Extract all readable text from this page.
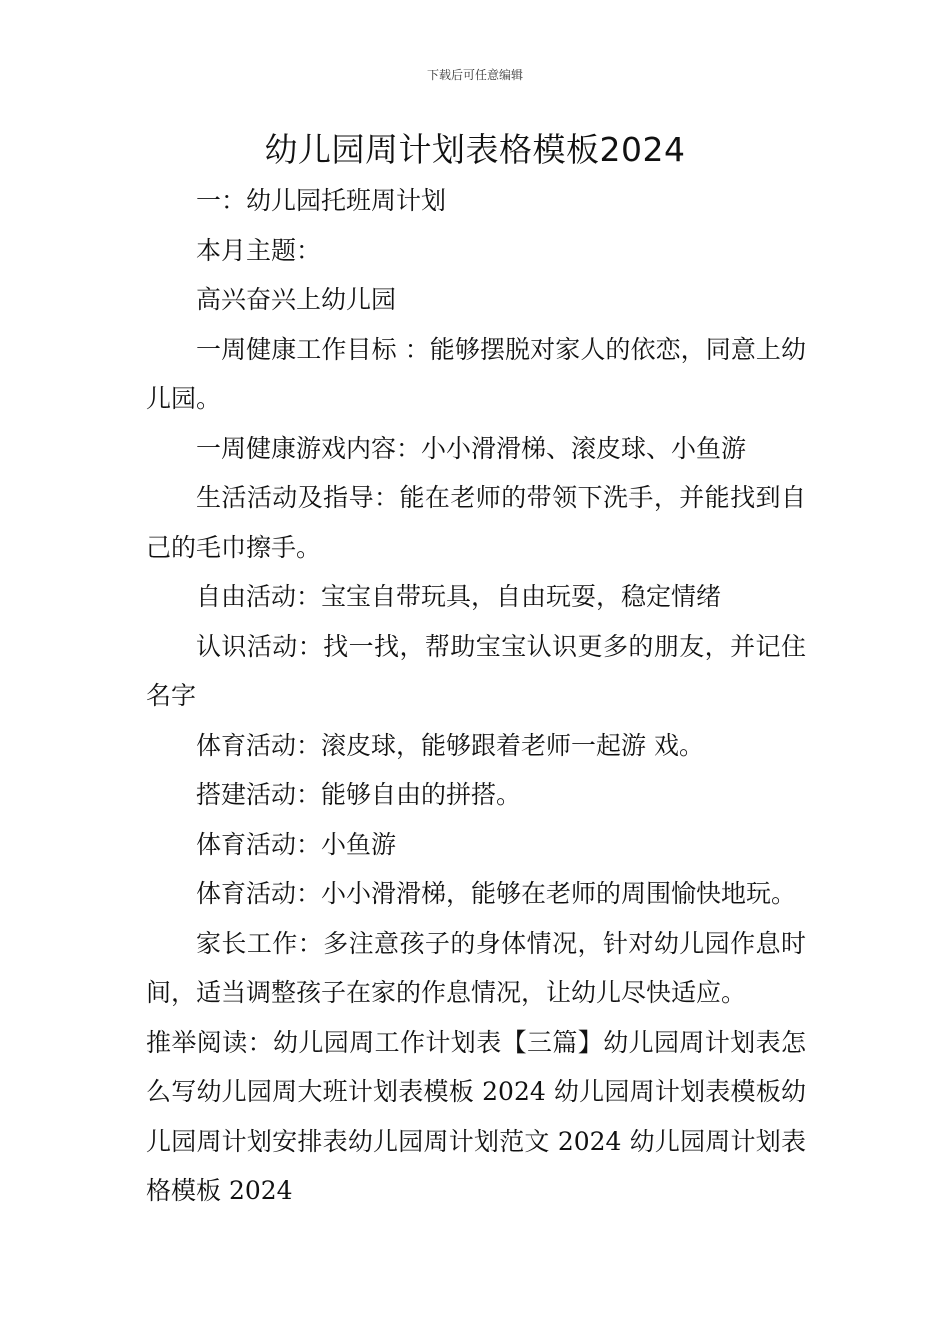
下载后可任意编辑
幼儿园周计划表格模板2024

一：幼儿园托班周计划

本月主题：

高兴奋兴上幼儿园

一周健康工作目标 ：能够摆脱对家人的依恋，同意上幼儿园。

一周健康游戏内容：小小滑滑梯、滚皮球、小鱼游

生活活动及指导：能在老师的带领下洗手，并能找到自己的毛巾擦手。

自由活动：宝宝自带玩具，自由玩耍，稳定情绪

认识活动：找一找，帮助宝宝认识更多的朋友，并记住名字

体育活动：滚皮球，能够跟着老师一起游 戏。

搭建活动：能够自由的拼搭。

体育活动：小鱼游

体育活动：小小滑滑梯，能够在老师的周围愉快地玩。

家长工作：多注意孩子的身体情况，针对幼儿园作息时间，适当调整孩子在家的作息情况，让幼儿尽快适应。

推举阅读：幼儿园周工作计划表【三篇】幼儿园周计划表怎么写幼儿园周大班计划表模板 2024 幼儿园周计划表模板幼儿园周计划安排表幼儿园周计划范文 2024 幼儿园周计划表格模板 2024
